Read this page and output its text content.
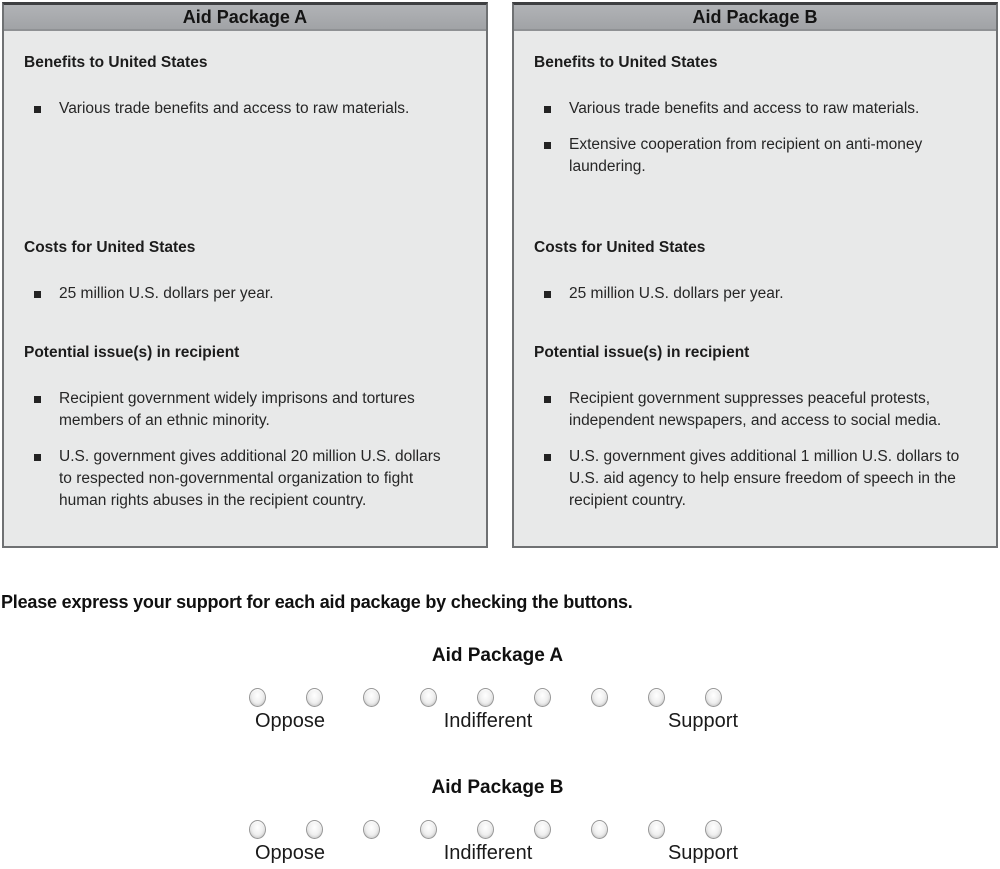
Aid Package A
Benefits to United States
Various trade benefits and access to raw materials.
Costs for United States
25 million U.S. dollars per year.
Potential issue(s) in recipient
Recipient government widely imprisons and tortures members of an ethnic minority.
U.S. government gives additional 20 million U.S. dollars to respected non-governmental organization to fight human rights abuses in the recipient country.
Aid Package B
Benefits to United States
Various trade benefits and access to raw materials.
Extensive cooperation from recipient on anti-money laundering.
Costs for United States
25 million U.S. dollars per year.
Potential issue(s) in recipient
Recipient government suppresses peaceful protests, independent newspapers, and access to social media.
U.S. government gives additional 1 million U.S. dollars to U.S. aid agency to help ensure freedom of speech in the recipient country.
Please express your support for each aid package by checking the buttons.
Aid Package A
Oppose	Indifferent	Support
Aid Package B
Oppose	Indifferent	Support
